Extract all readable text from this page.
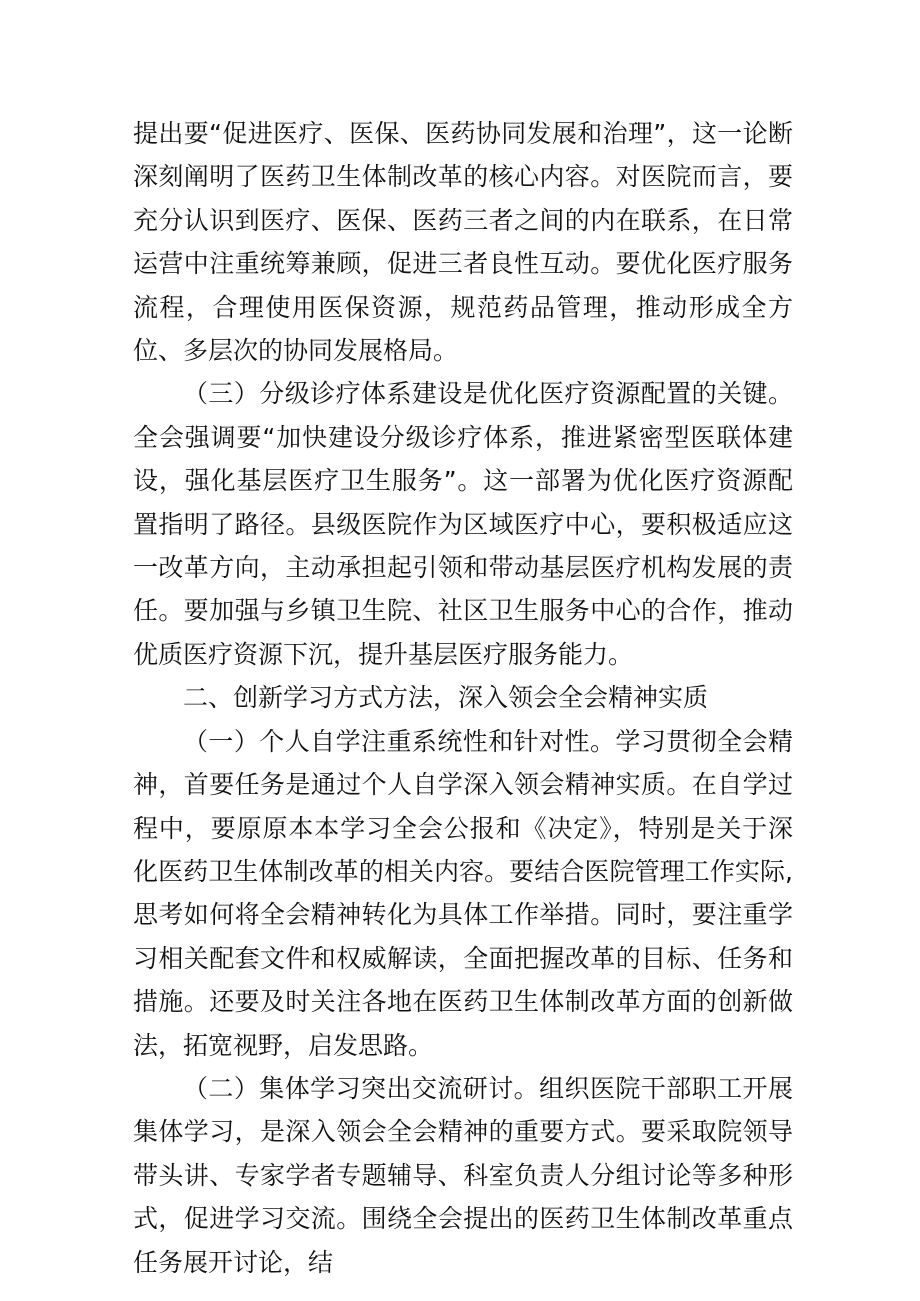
提出要“促进医疗、医保、医药协同发展和治理”，这一论断深刻阐明了医药卫生体制改革的核心内容。对医院而言，要充分认识到医疗、医保、医药三者之间的内在联系，在日常运营中注重统筹兼顾，促进三者良性互动。要优化医疗服务流程，合理使用医保资源，规范药品管理，推动形成全方位、多层次的协同发展格局。

（三）分级诊疗体系建设是优化医疗资源配置的关键。全会强调要“加快建设分级诊疗体系，推进紧密型医联体建设，强化基层医疗卫生服务”。这一部署为优化医疗资源配置指明了路径。县级医院作为区域医疗中心，要积极适应这一改革方向，主动承担起引领和带动基层医疗机构发展的责任。要加强与乡镇卫生院、社区卫生服务中心的合作，推动优质医疗资源下沉，提升基层医疗服务能力。

二、创新学习方式方法，深入领会全会精神实质

（一）个人自学注重系统性和针对性。学习贯彻全会精神，首要任务是通过个人自学深入领会精神实质。在自学过程中，要原原本本学习全会公报和《决定》，特别是关于深化医药卫生体制改革的相关内容。要结合医院管理工作实际,思考如何将全会精神转化为具体工作举措。同时，要注重学习相关配套文件和权威解读，全面把握改革的目标、任务和措施。还要及时关注各地在医药卫生体制改革方面的创新做法，拓宽视野，启发思路。

（二）集体学习突出交流研讨。组织医院干部职工开展集体学习，是深入领会全会精神的重要方式。要采取院领导带头讲、专家学者专题辅导、科室负责人分组讨论等多种形式，促进学习交流。围绕全会提出的医药卫生体制改革重点任务展开讨论，结
